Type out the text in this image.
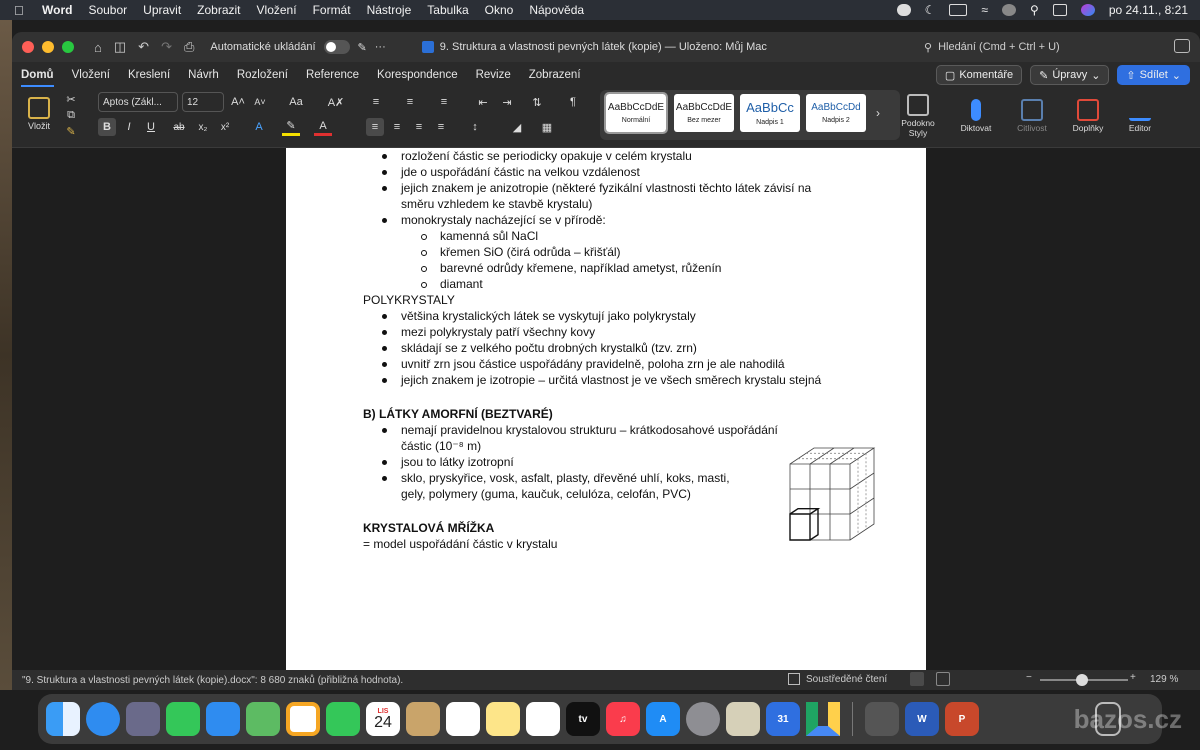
Word Soubor Upravit Zobrazit Vložení Formát Nástroje Tabulka Okno Nápověda	☾	≈	⚲	po 24.11., 8:21
⌂ ◫ ↶ ↷ ⎙ Automatické ukládání	✎ ···	9. Struktura a vlastnosti pevných látek (kopie) — Uloženo: Můj Mac	⚲ Hledání (Cmd + Ctrl + U)
Domů Vložení Kreslení Návrh Rozložení Reference Korespondence Revize Zobrazení	▢ Komentáře ✎ Úpravy ⌄ ⇧ Sdílet ⌄
Vložit
✂
⧉
✎
Aptos (Zákl...	12	A˄ A˅ Aa A✗
B	I	U	ab	x₂	x²	A	✎	A
≡	≡	≡	⇤	⇥	⇅	¶
≡	≡	≡	≡	↕	◢	▦
AaBbCcDdE
Normální
AaBbCcDdE
Bez mezer
AaBbCc
Nadpis 1
AaBbCcDd
Nadpis 2
›
Podokno Styly	Diktovat	Citlivost	Doplňky	Editor
rozložení částic se periodicky opakuje v celém krystalu
jde o uspořádání částic na velkou vzdálenost
jejich znakem je anizotropie (některé fyzikální vlastnosti těchto látek závisí na
směru vzhledem ke stavbě krystalu)
monokrystaly nacházející se v přírodě:
kamenná sůl NaCl
křemen SiO (čirá odrůda – křišťál)
barevné odrůdy křemene, například ametyst, růženín
diamant
POLYKRYSTALY
většina krystalických látek se vyskytují jako polykrystaly
mezi polykrystaly patří všechny kovy
skládají se z velkého počtu drobných krystalků (tzv. zrn)
uvnitř zrn jsou částice uspořádány pravidelně, poloha zrn je ale nahodilá
jejich znakem je izotropie – určitá vlastnost je ve všech směrech krystalu stejná
B) LÁTKY AMORFNÍ (BEZTVARÉ)
nemají pravidelnou krystalovou strukturu – krátkodosahové uspořádání
částic (10⁻⁸ m)
jsou to látky izotropní
sklo, pryskyřice, vosk, asfalt, plasty, dřevěné uhlí, koks, masti,
gely, polymery (guma, kaučuk, celulóza, celofán, PVC)
KRYSTALOVÁ MŘÍŽKA
= model uspořádání částic v krystalu
"9. Struktura a vlastnosti pevných látek (kopie).docx": 8 680 znaků (přibližná hodnota).	Soustředěné čtení	−	+ 129 %
LIS
24	tv	♫	A	31	W	P	bazos.cz
